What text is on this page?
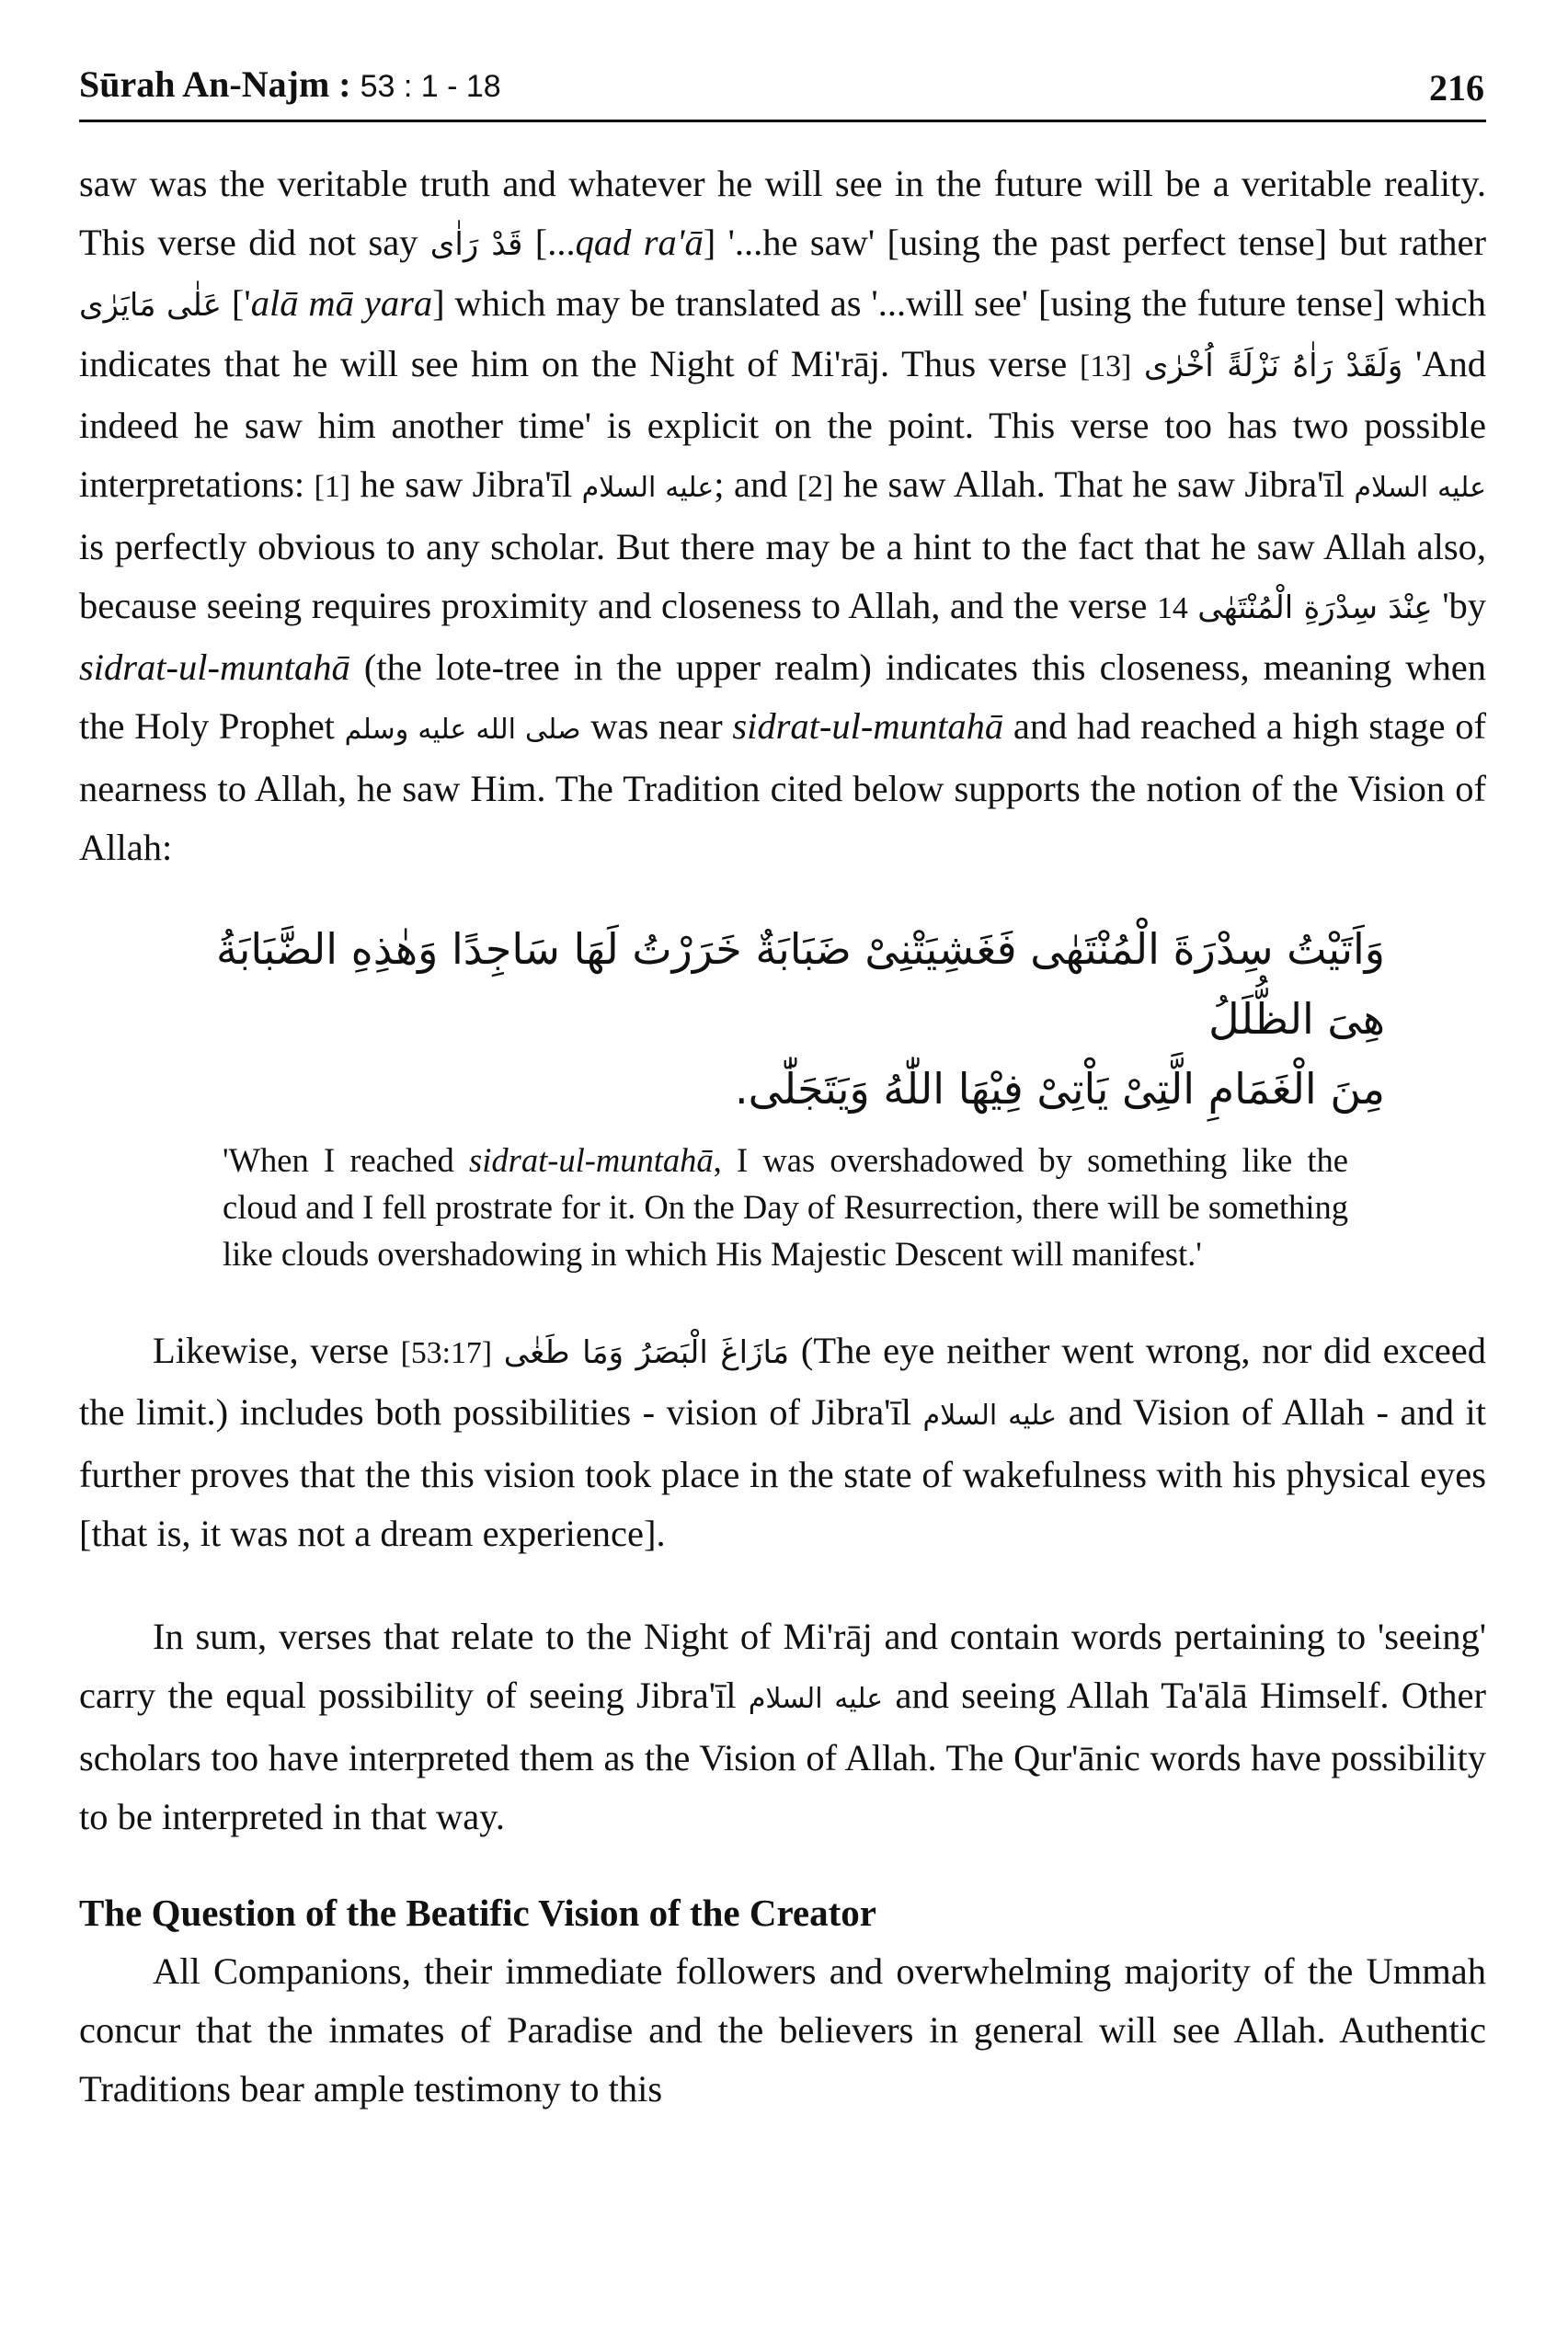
Sūrah An-Najm : 53 : 1 - 18	216

saw was the veritable truth and whatever he will see in the future will be a veritable reality. This verse did not say قَدْ رَاٰى [...qad ra'ā] '...he saw' [using the past perfect tense] but rather عَلٰى مَايَرٰى ['alā mā yara] which may be translated as '...will see' [using the future tense] which indicates that he will see him on the Night of Mi'rāj. Thus verse [13] وَلَقَدْ رَاٰهُ نَزْلَةً اُخْرٰى 'And indeed he saw him another time' is explicit on the point. This verse too has two possible interpretations: [1] he saw Jibra'īl عليه السلام; and [2] he saw Allah. That he saw Jibra'īl عليه السلام is perfectly obvious to any scholar. But there may be a hint to the fact that he saw Allah also, because seeing requires proximity and closeness to Allah, and the verse 14 عِنْدَ سِدْرَةِ الْمُنْتَهٰى 'by sidrat-ul-muntahā (the lote-tree in the upper realm) indicates this closeness, meaning when the Holy Prophet صلى الله عليه وسلم was near sidrat-ul-muntahā and had reached a high stage of nearness to Allah, he saw Him. The Tradition cited below supports the notion of the Vision of Allah:

وَاَتَيْتُ سِدْرَةَ الْمُنْتَهٰى فَغَشِيَتْنِىْ ضَبَابَةٌ خَرَرْتُ لَهَا سَاجِدًا وَهٰذِهِ الضَّبَابَةُ هِىَ الظُّلَلُ
مِنَ الْغَمَامِ الَّتِىْ يَاْتِىْ فِيْهَا اللّٰهُ وَيَتَجَلّٰى.

'When I reached sidrat-ul-muntahā, I was overshadowed by something like the cloud and I fell prostrate for it. On the Day of Resurrection, there will be something like clouds overshadowing in which His Majestic Descent will manifest.'

Likewise, verse [53:17] مَازَاغَ الْبَصَرُ وَمَا طَغٰى (The eye neither went wrong, nor did exceed the limit.) includes both possibilities - vision of Jibra'īl عليه السلام and Vision of Allah - and it further proves that the this vision took place in the state of wakefulness with his physical eyes [that is, it was not a dream experience].

In sum, verses that relate to the Night of Mi'rāj and contain words pertaining to 'seeing' carry the equal possibility of seeing Jibra'īl عليه السلام and seeing Allah Ta'ālā Himself. Other scholars too have interpreted them as the Vision of Allah. The Qur'ānic words have possibility to be interpreted in that way.

The Question of the Beatific Vision of the Creator

All Companions, their immediate followers and overwhelming majority of the Ummah concur that the inmates of Paradise and the believers in general will see Allah. Authentic Traditions bear ample testimony to this
